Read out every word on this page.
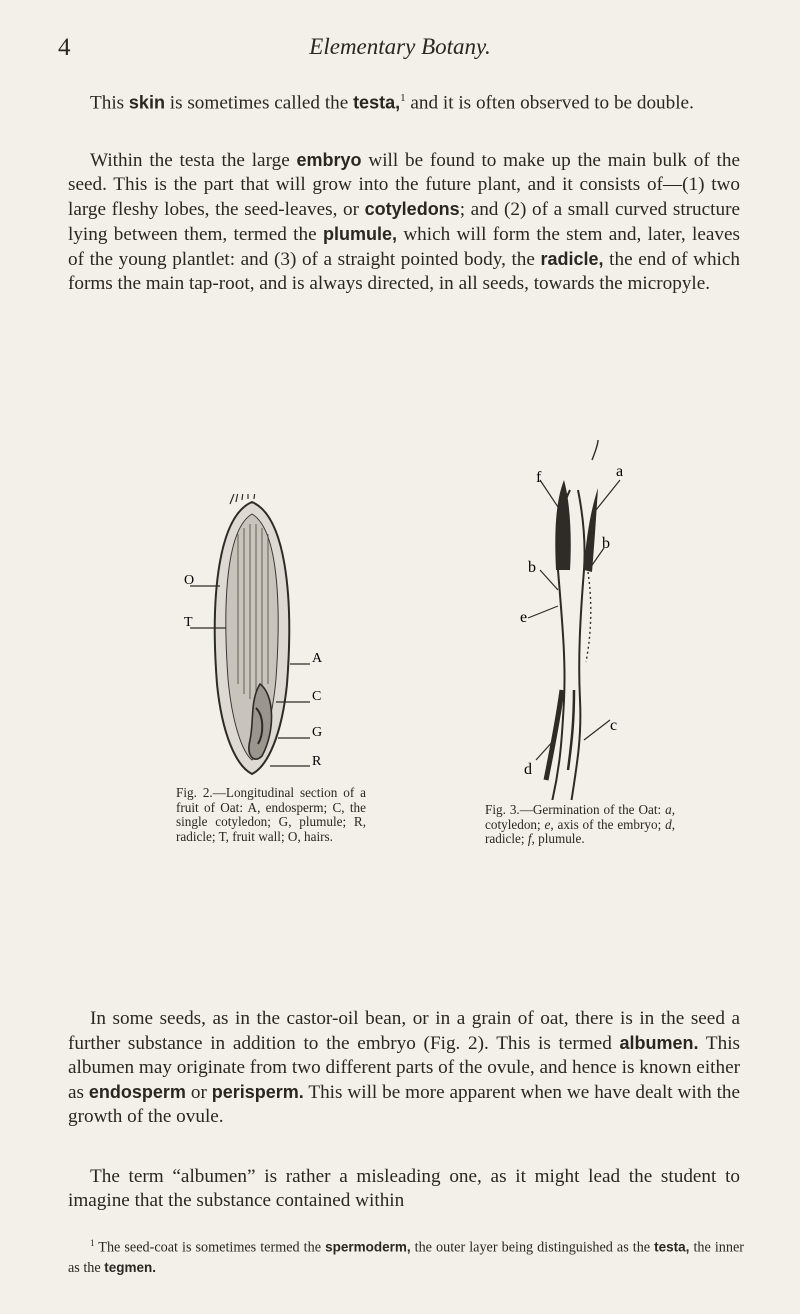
4	Elementary Botany.

This skin is sometimes called the testa,$^1$ and it is often observed to be double.

Within the testa the large embryo will be found to make up the main bulk of the seed. This is the part that will grow into the future plant, and it consists of—(1) two large fleshy lobes, the seed-leaves, or cotyledons; and (2) of a small curved structure lying between them, termed the plumule, which will form the stem and, later, leaves of the young plantlet: and (3) of a straight pointed body, the radicle, the end of which forms the main tap-root, and is always directed, in all seeds, towards the micropyle.

O
T
A
C
G
R
Fig. 2.—Longitudinal section of a fruit of Oat: A, endosperm; C, the single cotyledon; G, plumule; R, radicle; T, fruit wall; O, hairs.
f	a
b
b
e
c
d
Fig. 3.—Germination of the Oat: a, cotyledon; e, axis of the embryo; d, radicle; f, plumule.

In some seeds, as in the castor-oil bean, or in a grain of oat, there is in the seed a further substance in addition to the embryo (Fig. 2). This is termed albumen. This albumen may originate from two different parts of the ovule, and hence is known either as endosperm or perisperm. This will be more apparent when we have dealt with the growth of the ovule.

The term “albumen” is rather a misleading one, as it might lead the student to imagine that the substance contained within

$^1$ The seed-coat is sometimes termed the spermoderm, the outer layer being distinguished as the testa, the inner as the tegmen.
